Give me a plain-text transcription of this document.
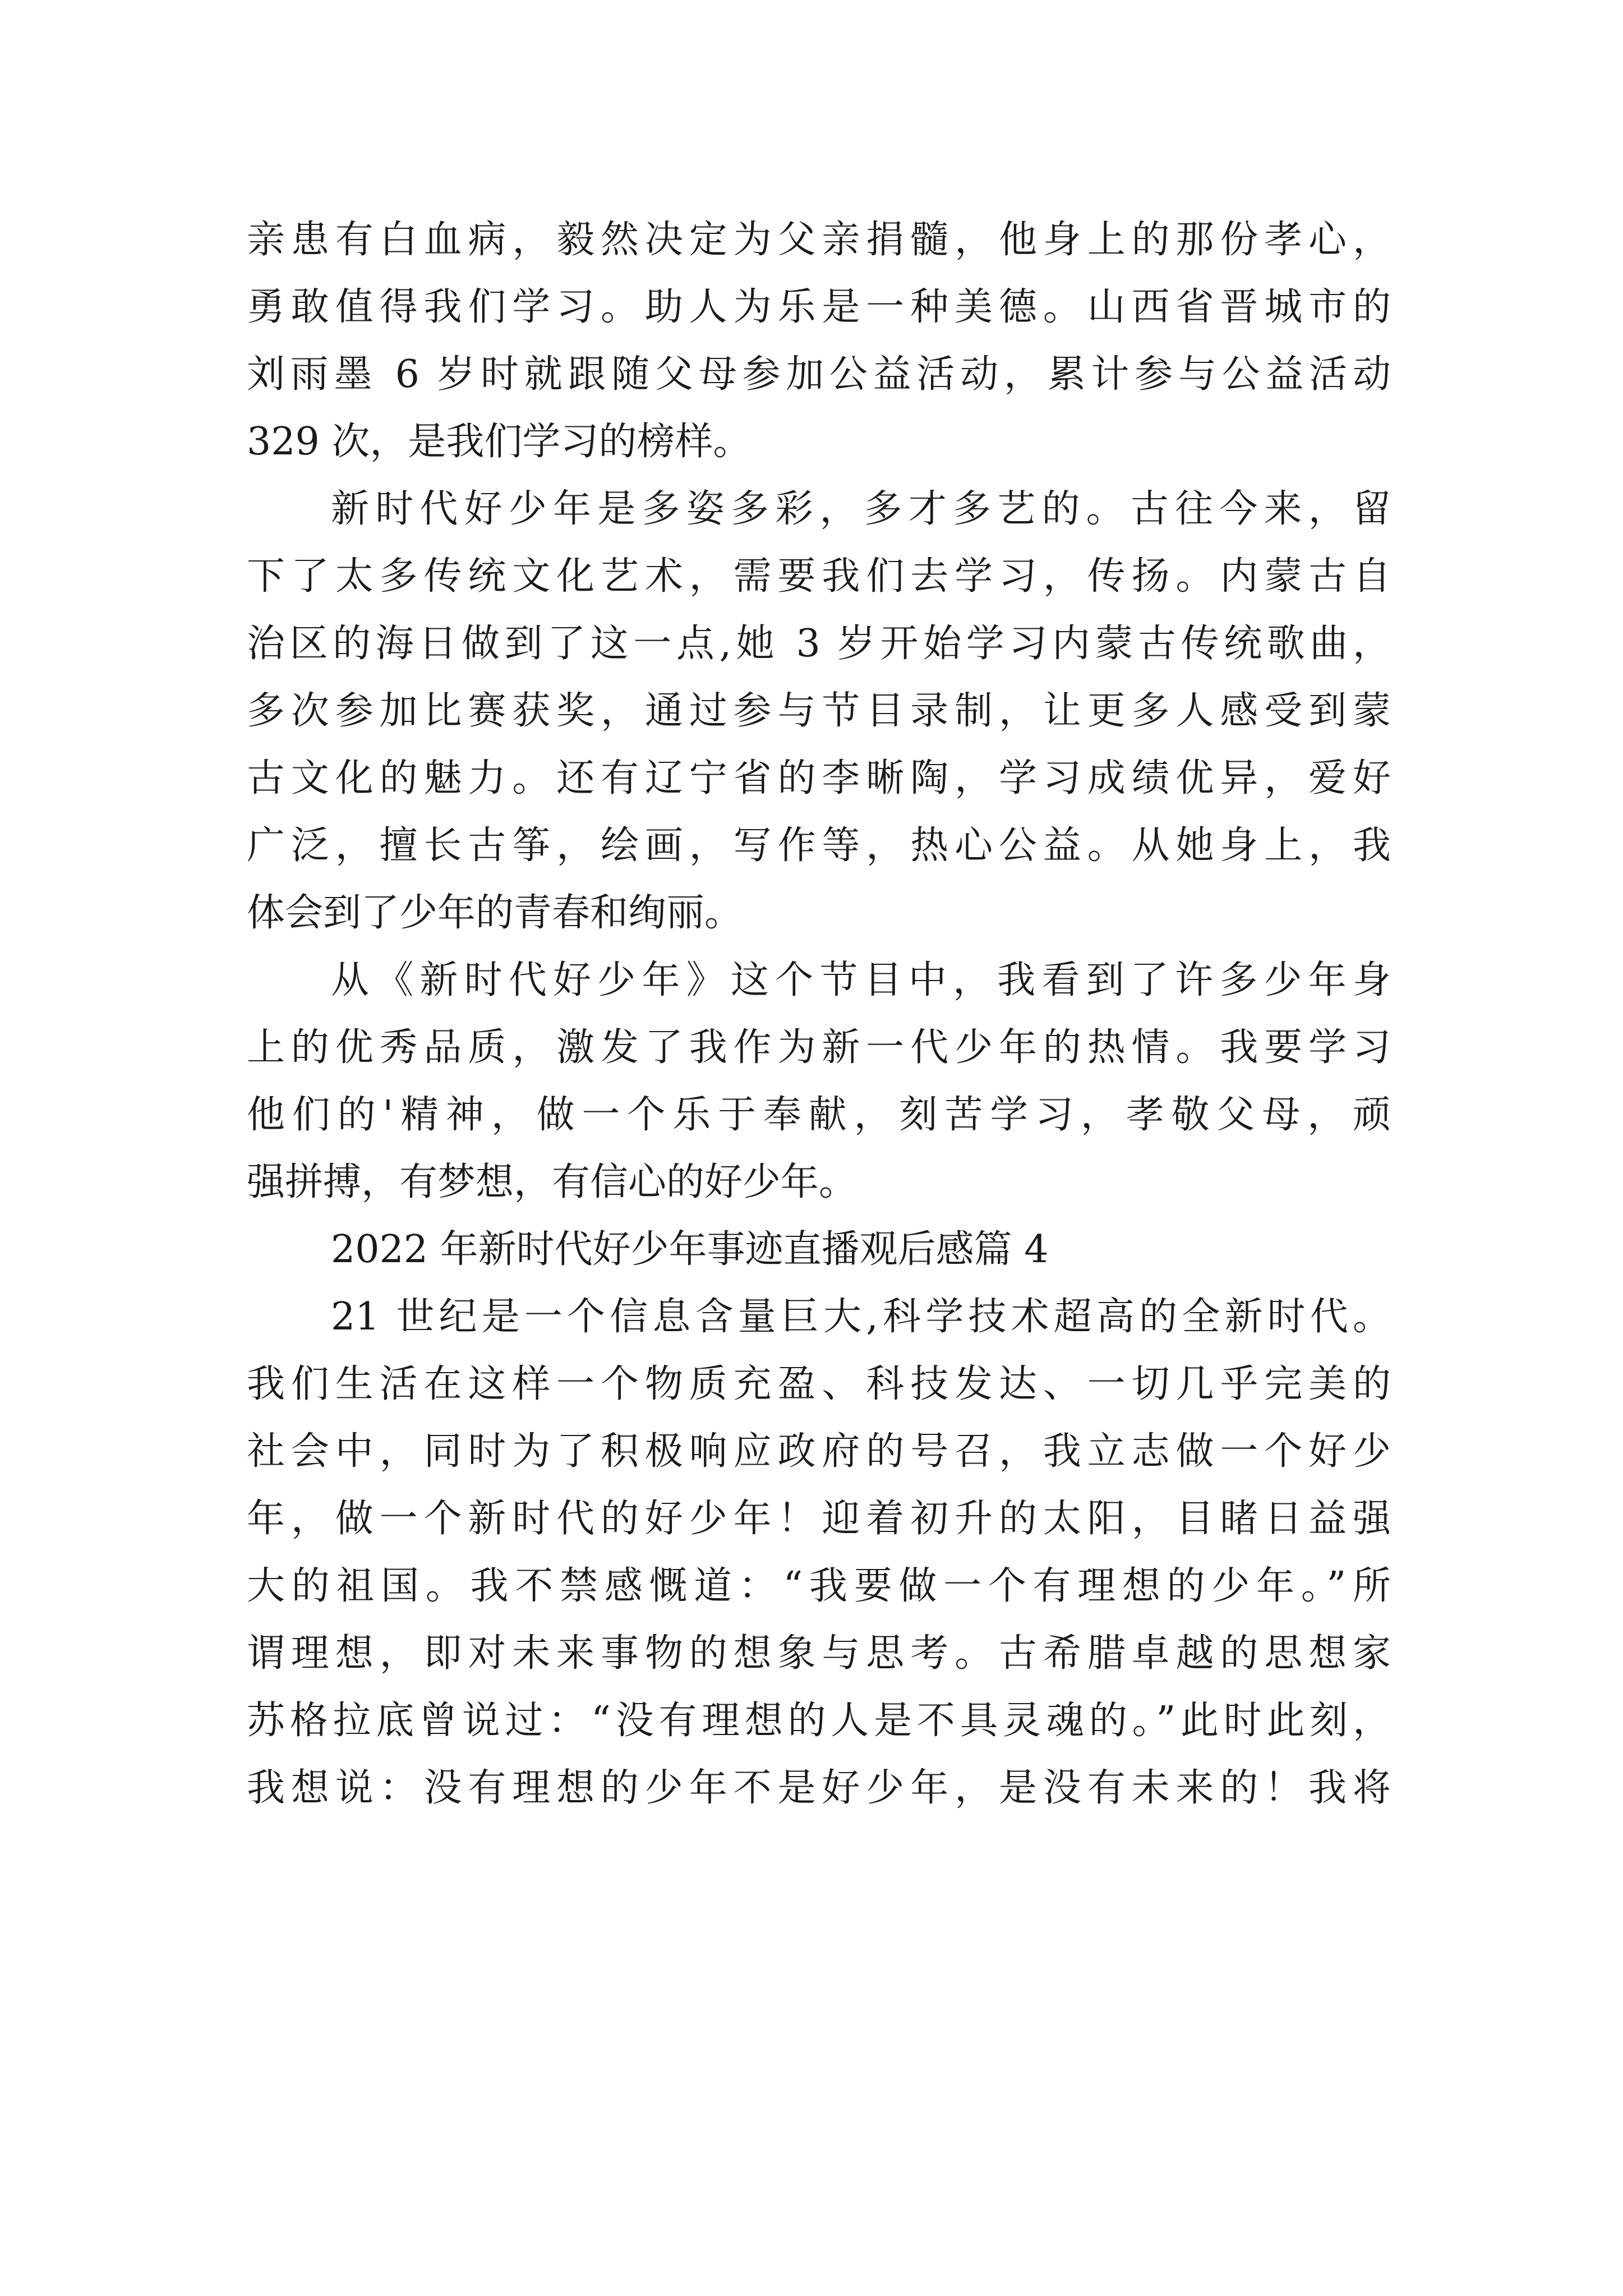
亲患有白血病，毅然决定为父亲捐髓，他身上的那份孝心，
勇敢值得我们学习。助人为乐是一种美德。山西省晋城市的
刘雨墨 6 岁时就跟随父母参加公益活动，累计参与公益活动
329 次，是我们学习的榜样。
新时代好少年是多姿多彩，多才多艺的。古往今来，留
下了太多传统文化艺术，需要我们去学习，传扬。内蒙古自
治区的海日做到了这一点,她 3 岁开始学习内蒙古传统歌曲，
多次参加比赛获奖，通过参与节目录制，让更多人感受到蒙
古文化的魅力。还有辽宁省的李晰陶，学习成绩优异，爱好
广泛，擅长古筝，绘画，写作等，热心公益。从她身上，我
体会到了少年的青春和绚丽。
从《新时代好少年》这个节目中，我看到了许多少年身
上的优秀品质，激发了我作为新一代少年的热情。我要学习
他们的'精神，做一个乐于奉献，刻苦学习，孝敬父母，顽
强拼搏，有梦想，有信心的好少年。
2022 年新时代好少年事迹直播观后感篇 4
21 世纪是一个信息含量巨大,科学技术超高的全新时代。
我们生活在这样一个物质充盈、科技发达、一切几乎完美的
社会中，同时为了积极响应政府的号召，我立志做一个好少
年，做一个新时代的好少年！迎着初升的太阳，目睹日益强
大的祖国。我不禁感慨道：“我要做一个有理想的少年。”所
谓理想，即对未来事物的想象与思考。古希腊卓越的思想家
苏格拉底曾说过：“没有理想的人是不具灵魂的。”此时此刻，
我想说：没有理想的少年不是好少年，是没有未来的！我将
